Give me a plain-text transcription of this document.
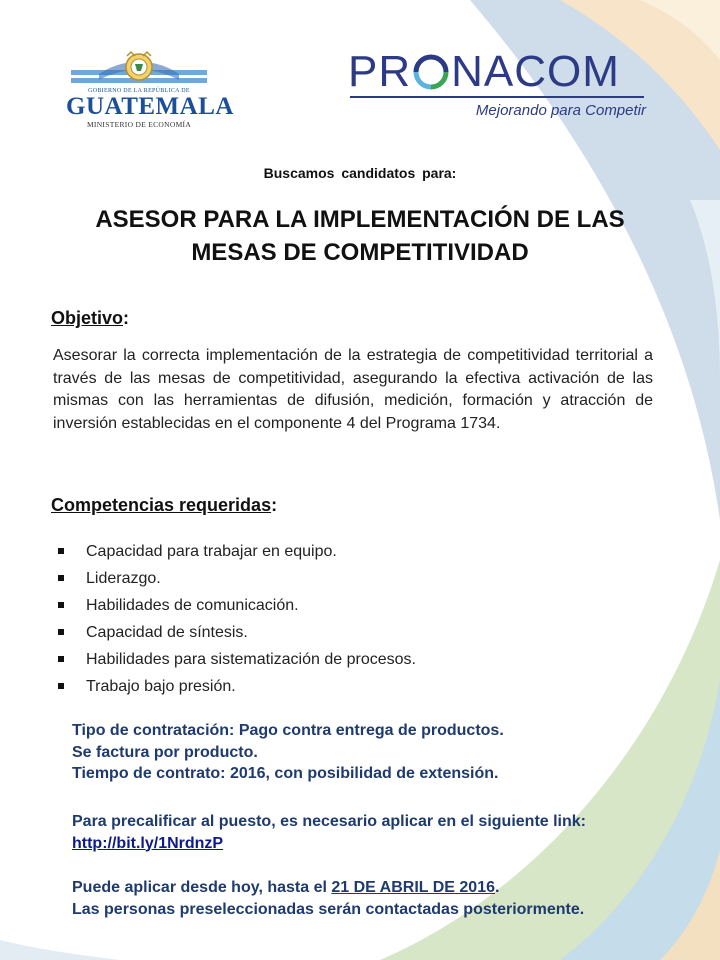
GOBIERNO DE LA REPÚBLICA DE
GUATEMALA
MINISTERIO DE ECONOMÍA
PR NACOM
Mejorando para Competir
Buscamos candidatos para:
ASESOR PARA LA IMPLEMENTACIÓN DE LAS
MESAS DE COMPETITIVIDAD
Objetivo:
Asesorar la correcta implementación de la estrategia de competitividad territorial a través de las mesas de competitividad, asegurando la efectiva activación de las mismas con las herramientas de difusión, medición, formación y atracción de inversión establecidas en el componente 4 del Programa 1734.
Competencias requeridas:
Capacidad para trabajar en equipo.
Liderazgo.
Habilidades de comunicación.
Capacidad de síntesis.
Habilidades para sistematización de procesos.
Trabajo bajo presión.
Tipo de contratación: Pago contra entrega de productos.
Se factura por producto.
Tiempo de contrato: 2016, con posibilidad de extensión.
Para precalificar al puesto, es necesario aplicar en el siguiente link:
http://bit.ly/1NrdnzP
Puede aplicar desde hoy, hasta el 21 DE ABRIL DE 2016.
Las personas preseleccionadas serán contactadas posteriormente.
